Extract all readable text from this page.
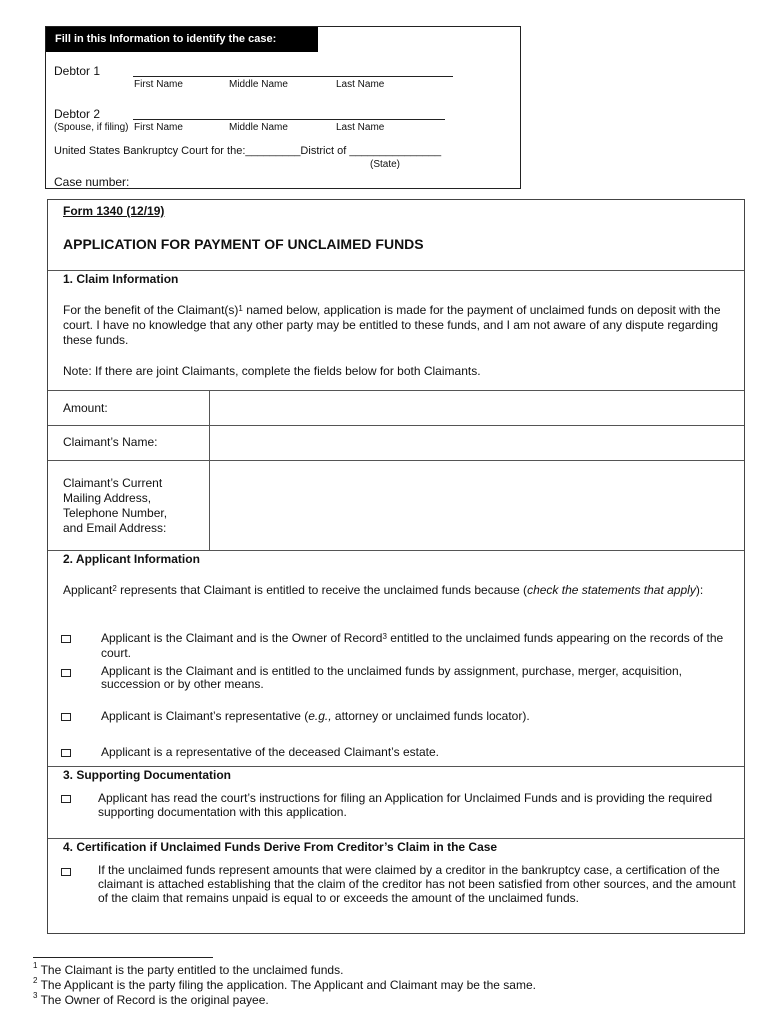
Fill in this Information to identify the case:
Debtor 1
First Name	Middle Name	Last Name
Debtor 2
(Spouse, if filing) First Name	Middle Name	Last Name
United States Bankruptcy Court for the:_________District of _______________
(State)
Case number:
Form 1340 (12/19)
APPLICATION FOR PAYMENT OF UNCLAIMED FUNDS
1. Claim Information
For the benefit of the $Claimant(s)^1$ named below, application is made for the payment of unclaimed funds on deposit with the court. I have no knowledge that any other party may be entitled to these funds, and I am not aware of any dispute regarding these funds.
Note: If there are joint Claimants, complete the fields below for both Claimants.
Amount:
Claimant’s Name:
Claimant’s Current
Mailing Address,
Telephone Number,
and Email Address:
2. Applicant Information
Applicant$^2$ represents that Claimant is entitled to receive the unclaimed funds because (check the statements that apply):
Applicant is the Claimant and is the Owner of Record$^3$ entitled to the unclaimed funds appearing on the records of the court.
Applicant is the Claimant and is entitled to the unclaimed funds by assignment, purchase, merger, acquisition, succession or by other means.
Applicant is Claimant’s representative (e.g., attorney or unclaimed funds locator).
Applicant is a representative of the deceased Claimant’s estate.
3. Supporting Documentation
Applicant has read the court’s instructions for filing an Application for Unclaimed Funds and is providing the required supporting documentation with this application.
4. Certification if Unclaimed Funds Derive From Creditor’s Claim in the Case
If the unclaimed funds represent amounts that were claimed by a creditor in the bankruptcy case, a certification of the claimant is attached establishing that the claim of the creditor has not been satisfied from other sources, and the amount of the claim that remains unpaid is equal to or exceeds the amount of the unclaimed funds.
$^1$ The Claimant is the party entitled to the unclaimed funds.
$^2$ The Applicant is the party filing the application. The Applicant and Claimant may be the same.
$^3$ The Owner of Record is the original payee.
